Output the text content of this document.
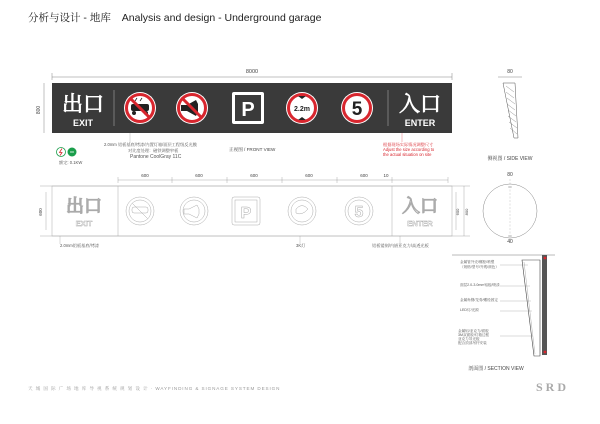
分析与设计 - 地库 Analysis and design - Underground garage
8000
800 出口
EXIT
P	2.2m 5 入口
ENTER
80
侧视图 / SIDE VIEW
600	600	600	600	600	10
600	600 800
出口
EXIT
P	5 入口
ENTER
80
40
剖面图 / SECTION VIEW
2.0mm 铝板基底/烤漆/内置灯箱/面层工程级反光膜
对比度处理：磁铁调整窄板
Pantone CoolGray 11C
额定: 0.1KW
正视图 / FRONT VIEW
根据现场实际情况调整尺寸
Adjust the size according to
the actual situation on site
2.0mm铝板基底/烤漆	3K灯	铝板镂刻/内嵌亚克力/高透光板
金属管外壳/螺栓/喷塑
（规格/型号/外观/颜色）
面层2.0-3.0mm铝板/喷漆
金属角钢/龙骨/螺栓固定
LED灯/光源
金属铝/亚克力/面板
3M双面胶/灯箱边框
亚克力导光板
配合顶部吊杆安装
天 城 国 际 广 场 地 库 导 视 系 统 规 划 设 计 · WAYFINDING & SIGNAGE SYSTEM DESIGN	SRD
